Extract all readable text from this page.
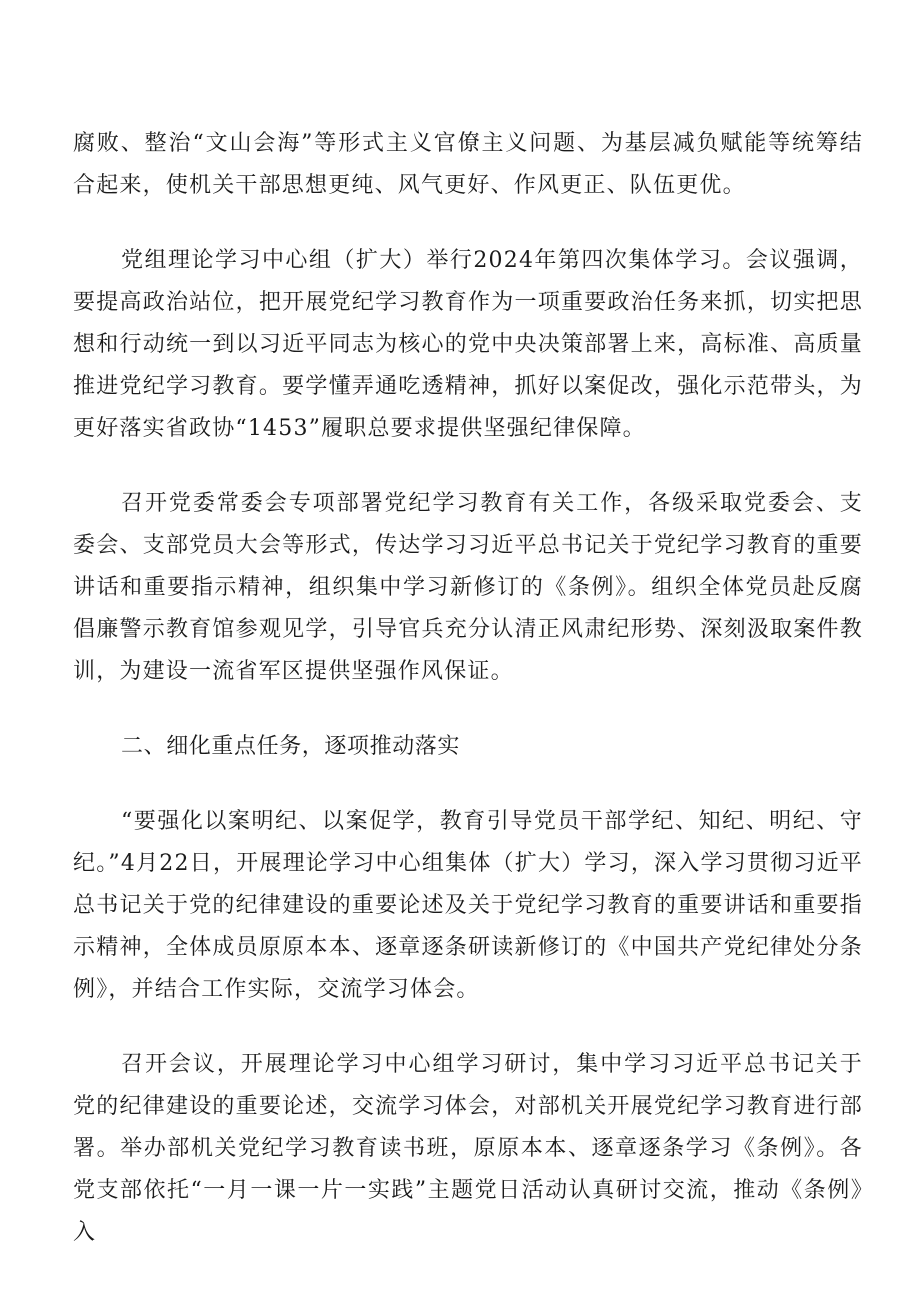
腐败、整治“文山会海”等形式主义官僚主义问题、为基层减负赋能等统筹结合起来，使机关干部思想更纯、风气更好、作风更正、队伍更优。

党组理论学习中心组（扩大）举行2024年第四次集体学习。会议强调，要提高政治站位，把开展党纪学习教育作为一项重要政治任务来抓，切实把思想和行动统一到以习近平同志为核心的党中央决策部署上来，高标准、高质量推进党纪学习教育。要学懂弄通吃透精神，抓好以案促改，强化示范带头，为更好落实省政协“1453”履职总要求提供坚强纪律保障。

召开党委常委会专项部署党纪学习教育有关工作，各级采取党委会、支委会、支部党员大会等形式，传达学习习近平总书记关于党纪学习教育的重要讲话和重要指示精神，组织集中学习新修订的《条例》。组织全体党员赴反腐倡廉警示教育馆参观见学，引导官兵充分认清正风肃纪形势、深刻汲取案件教训，为建设一流省军区提供坚强作风保证。

二、细化重点任务，逐项推动落实

“要强化以案明纪、以案促学，教育引导党员干部学纪、知纪、明纪、守纪。”4月22日，开展理论学习中心组集体（扩大）学习，深入学习贯彻习近平总书记关于党的纪律建设的重要论述及关于党纪学习教育的重要讲话和重要指示精神，全体成员原原本本、逐章逐条研读新修订的《中国共产党纪律处分条例》，并结合工作实际，交流学习体会。

召开会议，开展理论学习中心组学习研讨，集中学习习近平总书记关于党的纪律建设的重要论述，交流学习体会，对部机关开展党纪学习教育进行部署。举办部机关党纪学习教育读书班，原原本本、逐章逐条学习《条例》。各党支部依托“一月一课一片一实践”主题党日活动认真研讨交流，推动《条例》入
